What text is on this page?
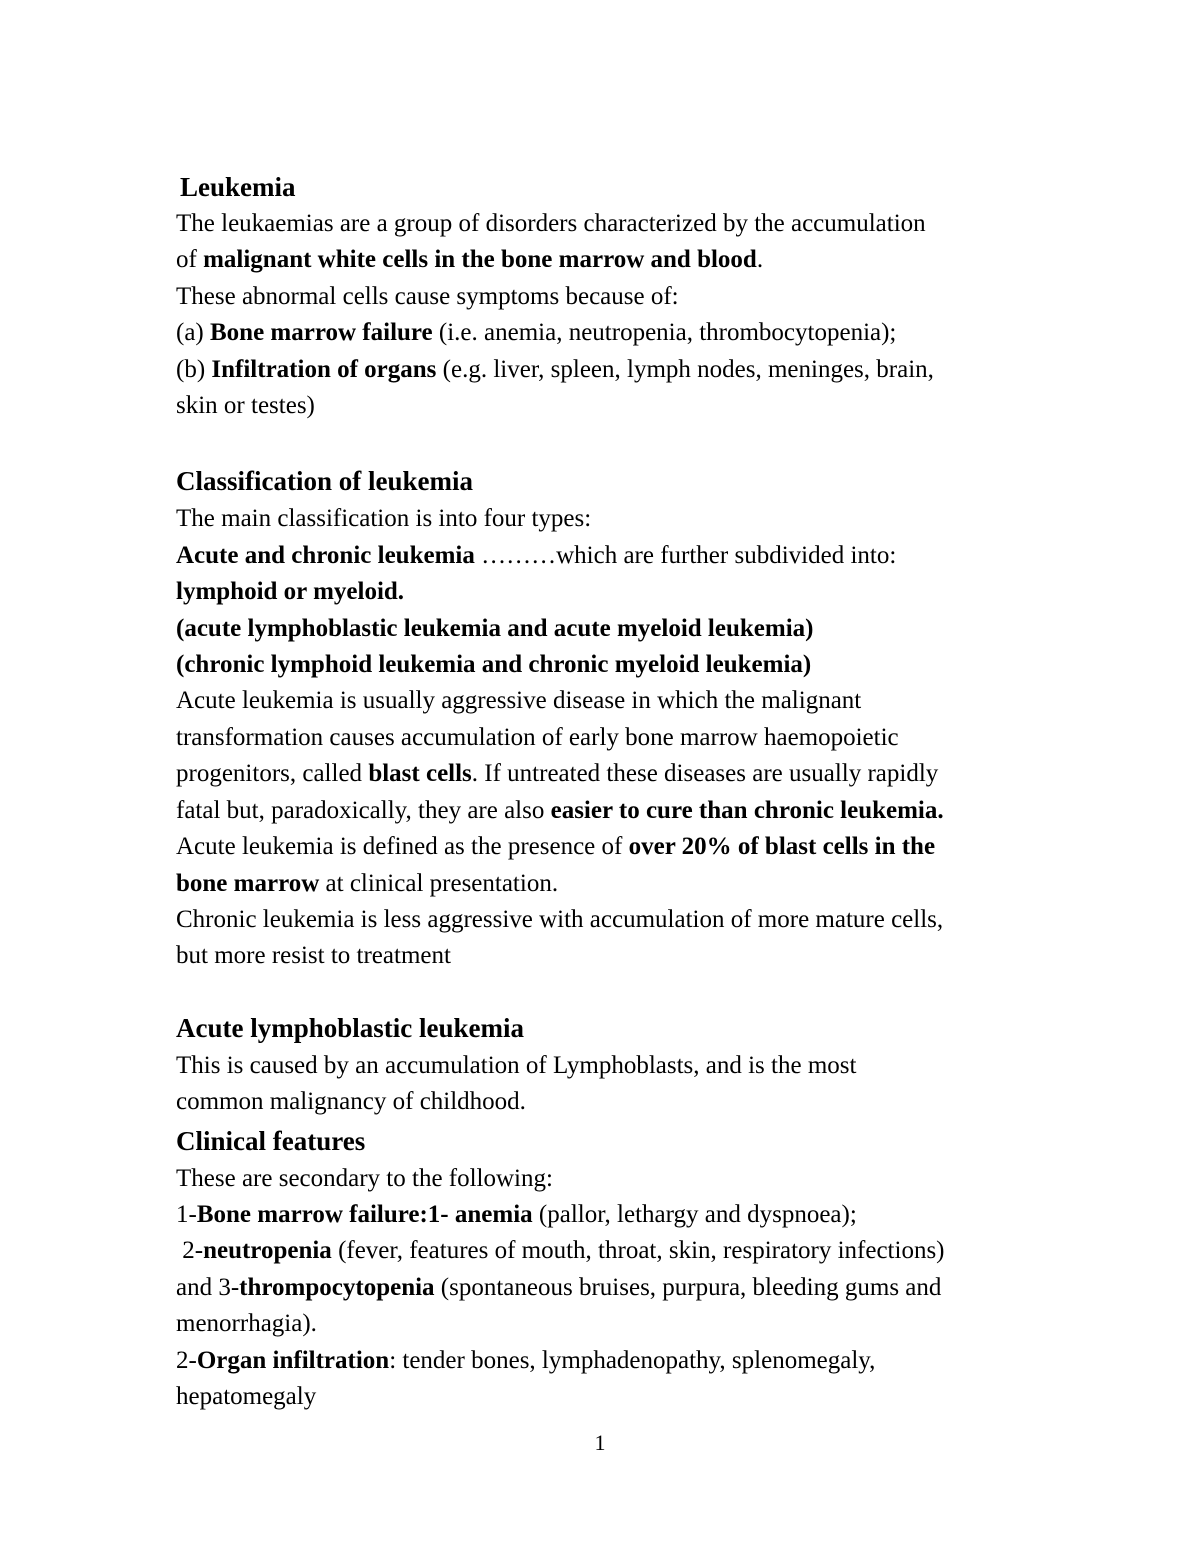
Leukemia
The leukaemias are a group of disorders characterized by the accumulation
of malignant white cells in the bone marrow and blood.
These abnormal cells cause symptoms because of:
(a) Bone marrow failure (i.e. anemia, neutropenia, thrombocytopenia);
(b) Infiltration of organs (e.g. liver, spleen, lymph nodes, meninges, brain,
skin or testes)
Classification of leukemia
The main classification is into four types:
Acute and chronic leukemia ………which are further subdivided into:
lymphoid or myeloid.
(acute lymphoblastic leukemia and acute myeloid leukemia)
(chronic lymphoid leukemia and chronic myeloid leukemia)
Acute leukemia is usually aggressive disease in which the malignant
transformation causes accumulation of early bone marrow haemopoietic
progenitors, called blast cells. If untreated these diseases are usually rapidly
fatal but, paradoxically, they are also easier to cure than chronic leukemia.
Acute leukemia is defined as the presence of over 20% of blast cells in the
bone marrow at clinical presentation.
Chronic leukemia is less aggressive with accumulation of more mature cells,
but more resist to treatment
Acute lymphoblastic leukemia
This is caused by an accumulation of Lymphoblasts, and is the most
common malignancy of childhood.
Clinical features
These are secondary to the following:
1-Bone marrow failure:1- anemia (pallor, lethargy and dyspnoea);
2-neutropenia (fever, features of mouth, throat, skin, respiratory infections)
and 3-thrompocytopenia (spontaneous bruises, purpura, bleeding gums and
menorrhagia).
2-Organ infiltration: tender bones, lymphadenopathy, splenomegaly,
hepatomegaly
1
